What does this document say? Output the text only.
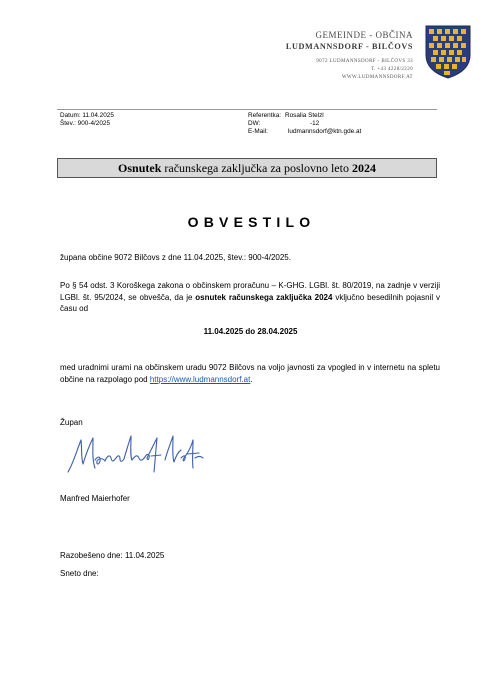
GEMEINDE - OBČINA
LUDMANNSDORF - BILČOVS
9072 LUDMANNSDORF - BILČOVS 33
T. +43 4228/2220
WWW.LUDMANNSDORF.AT
Datum: 11.04.2025
Štev.: 900-4/2025
Referentka: Rosalia Stelzl
DW:	-12
E-Mail:	ludmannsdorf@ktn.gde.at
Osnutek računskega zaključka za poslovno leto 2024
OBVESTILO
župana občine 9072 Bilčovs z dne 11.04.2025, štev.: 900-4/2025.
Po § 54 odst. 3 Koroškega zakona o občinskem proračunu – K-GHG. LGBl. št. 80/2019, na zadnje v verziji LGBl. št. 95/2024, se obvešča, da je osnutek računskega zaključka 2024 vključno besedilnih pojasnil v času od
11.04.2025 do 28.04.2025
med uradnimi urami na občinskem uradu 9072 Bilčovs na voljo javnosti za vpogled in v internetu na spletu občine na razpolago pod https://www.ludmannsdorf.at.
Župan
Manfred Maierhofer
Razobešeno dne: 11.04.2025
Sneto dne:
